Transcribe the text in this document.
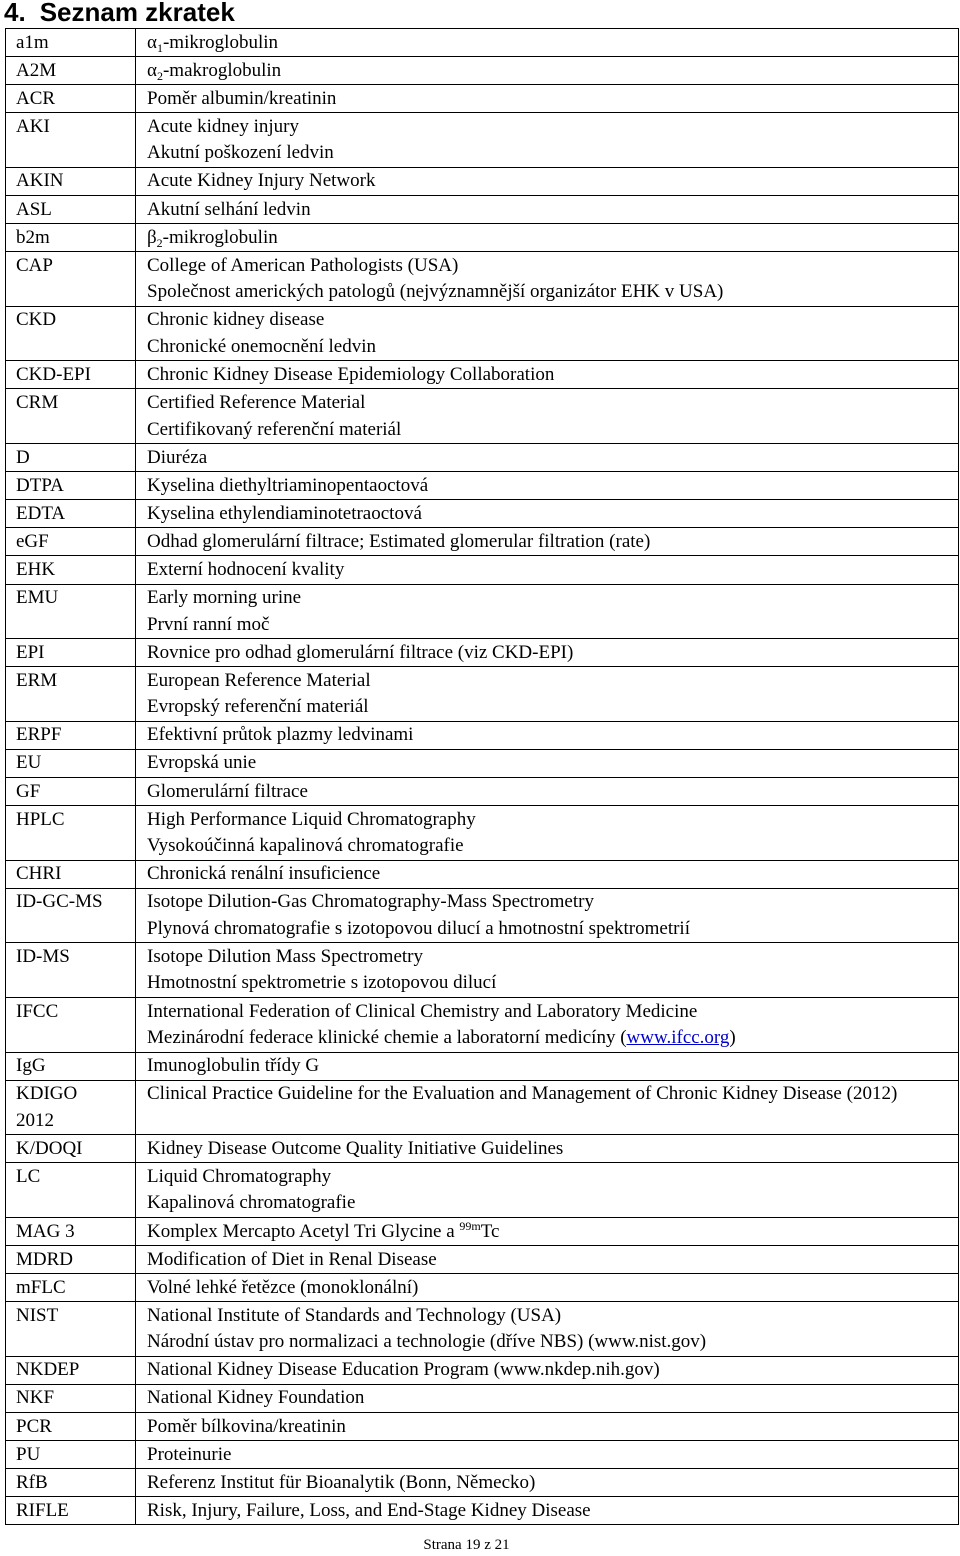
4. Seznam zkratek
a1m	$\alpha_1$-mikroglobulin

A2M	$\alpha_2$-makroglobulin

ACR	Poměr albumin/kreatinin

AKI	Acute kidney injury
Akutní poškození ledvin

AKIN	Acute Kidney Injury Network

ASL	Akutní selhání ledvin

b2m	$\beta_2$-mikroglobulin

CAP	College of American Pathologists (USA)
Společnost amerických patologů (nejvýznamnější organizátor EHK v USA)

CKD	Chronic kidney disease
Chronické onemocnění ledvin

CKD-EPI	Chronic Kidney Disease Epidemiology Collaboration

CRM	Certified Reference Material
Certifikovaný referenční materiál

D	Diuréza

DTPA	Kyselina diethyltriaminopentaoctová

EDTA	Kyselina ethylendiaminotetraoctová

eGF	Odhad glomerulární filtrace; Estimated glomerular filtration (rate)

EHK	Externí hodnocení kvality

EMU	Early morning urine
První ranní moč

EPI	Rovnice pro odhad glomerulární filtrace (viz CKD-EPI)

ERM	European Reference Material
Evropský referenční materiál

ERPF	Efektivní průtok plazmy ledvinami

EU	Evropská unie

GF	Glomerulární filtrace

HPLC	High Performance Liquid Chromatography
Vysokoúčinná kapalinová chromatografie

CHRI	Chronická renální insuficience

ID-GC-MS	Isotope Dilution-Gas Chromatography-Mass Spectrometry
Plynová chromatografie s izotopovou dilucí a hmotnostní spektrometrií

ID-MS	Isotope Dilution Mass Spectrometry
Hmotnostní spektrometrie s izotopovou dilucí

IFCC	International Federation of Clinical Chemistry and Laboratory Medicine
Mezinárodní federace klinické chemie a laboratorní medicíny (www.ifcc.org)

IgG	Imunoglobulin třídy G

KDIGO
2012	Clinical Practice Guideline for the Evaluation and Management of Chronic Kidney Disease (2012)

K/DOQI	Kidney Disease Outcome Quality Initiative Guidelines

LC	Liquid Chromatography
Kapalinová chromatografie

MAG 3	Komplex Mercapto Acetyl Tri Glycine a $^{99m}$Tc

MDRD	Modification of Diet in Renal Disease

mFLC	Volné lehké řetězce (monoklonální)

NIST	National Institute of Standards and Technology (USA)
Národní ústav pro normalizaci a technologie (dříve NBS) (www.nist.gov)

NKDEP	National Kidney Disease Education Program (www.nkdep.nih.gov)

NKF	National Kidney Foundation

PCR	Poměr bílkovina/kreatinin

PU	Proteinurie

RfB	Referenz Institut für Bioanalytik (Bonn, Německo)

RIFLE	Risk, Injury, Failure, Loss, and End-Stage Kidney Disease
Strana 19 z 21
